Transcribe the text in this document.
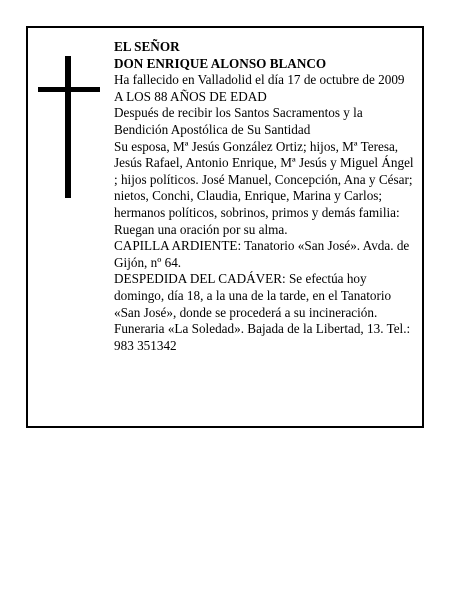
EL SEÑOR

DON ENRIQUE ALONSO BLANCO

Ha fallecido en Valladolid el día 17 de octubre de 2009

A LOS 88 AÑOS DE EDAD

Después de recibir los Santos Sacramentos y la Bendición Apostólica de Su Santidad

Su esposa, Mª Jesús González Ortiz; hijos, Mª Teresa, Jesús Rafael, Antonio Enrique, Mª Jesús y Miguel Ángel ; hijos políticos. José Manuel, Concepción, Ana y César; nietos, Conchi, Claudia, Enrique, Marina y Carlos; hermanos políticos, sobrinos, primos y demás familia:

Ruegan una oración por su alma.

CAPILLA ARDIENTE: Tanatorio «San José». Avda. de Gijón, nº 64.

DESPEDIDA DEL CADÁVER: Se efectúa hoy domingo, día 18, a la una de la tarde, en el Tanatorio «San José», donde se procederá a su incineración.

Funeraria «La Soledad». Bajada de la Libertad, 13. Tel.: 983 351342
